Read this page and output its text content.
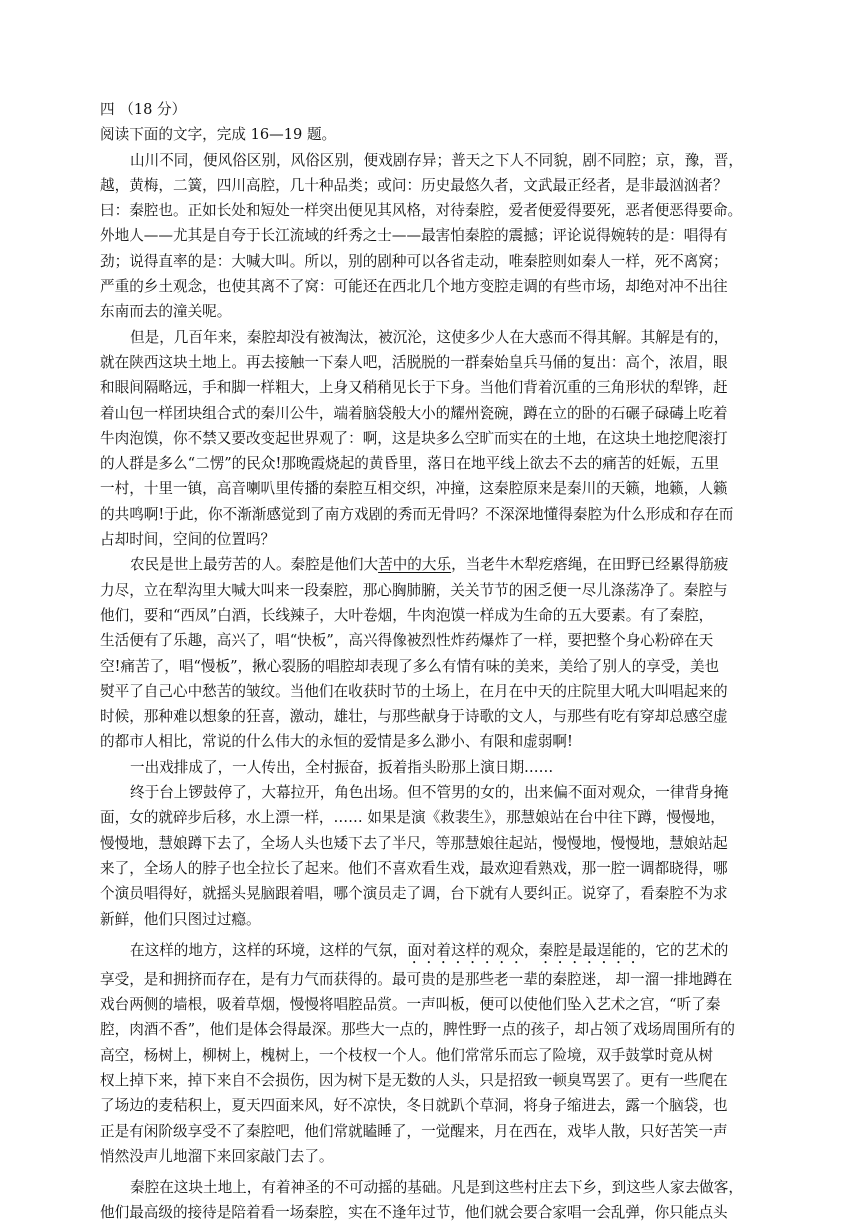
四 （18 分）
阅读下面的文字，完成 16—19 题。
山川不同，便风俗区别，风俗区别，便戏剧存异；普天之下人不同貌，剧不同腔；京，豫，晋，
越，黄梅，二簧，四川高腔，几十种品类；或问：历史最悠久者，文武最正经者，是非最汹汹者？
曰：秦腔也。正如长处和短处一样突出便见其风格，对待秦腔，爱者便爱得要死，恶者便恶得要命。
外地人——尤其是自夸于长江流域的纤秀之士——最害怕秦腔的震撼；评论说得婉转的是：唱得有
劲；说得直率的是：大喊大叫。所以，别的剧种可以各省走动，唯秦腔则如秦人一样，死不离窝；
严重的乡土观念，也使其离不了窝：可能还在西北几个地方变腔走调的有些市场，却绝对冲不出往
东南而去的潼关呢。
但是，几百年来，秦腔却没有被淘汰，被沉沦，这使多少人在大惑而不得其解。其解是有的，
就在陕西这块土地上。再去接触一下秦人吧，活脱脱的一群秦始皇兵马俑的复出：高个，浓眉，眼
和眼间隔略远，手和脚一样粗大，上身又稍稍见长于下身。当他们背着沉重的三角形状的犁铧，赶
着山包一样团块组合式的秦川公牛，端着脑袋般大小的耀州瓷碗，蹲在立的卧的石碾子碌碡上吃着
牛肉泡馍，你不禁又要改变起世界观了：啊，这是块多么空旷而实在的土地，在这块土地挖爬滚打
的人群是多么“二愣”的民众!那晚霞烧起的黄昏里，落日在地平线上欲去不去的痛苦的妊娠，五里
一村，十里一镇，高音喇叭里传播的秦腔互相交织，冲撞，这秦腔原来是秦川的天籁，地籁，人籁
的共鸣啊!于此，你不渐渐感觉到了南方戏剧的秀而无骨吗？不深深地懂得秦腔为什么形成和存在而
占却时间，空间的位置吗？
农民是世上最劳苦的人。秦腔是他们大苦中的大乐，当老牛木犁疙瘩绳，在田野已经累得筋疲
力尽，立在犁沟里大喊大叫来一段秦腔，那心胸肺腑，关关节节的困乏便一尽儿涤荡净了。秦腔与
他们，要和“西凤”白酒，长线辣子，大叶卷烟，牛肉泡馍一样成为生命的五大要素。有了秦腔，
生活便有了乐趣，高兴了，唱“快板”，高兴得像被烈性炸药爆炸了一样，要把整个身心粉碎在天
空!痛苦了，唱“慢板”，揪心裂肠的唱腔却表现了多么有情有味的美来，美给了别人的享受，美也
熨平了自己心中愁苦的皱纹。当他们在收获时节的土场上，在月在中天的庄院里大吼大叫唱起来的
时候，那种难以想象的狂喜，激动，雄壮，与那些献身于诗歌的文人，与那些有吃有穿却总感空虚
的都市人相比，常说的什么伟大的永恒的爱情是多么渺小、有限和虚弱啊!
一出戏排成了，一人传出，全村振奋，扳着指头盼那上演日期……
终于台上锣鼓停了，大幕拉开，角色出场。但不管男的女的，出来偏不面对观众，一律背身掩
面，女的就碎步后移，水上漂一样，…… 如果是演《救裴生》，那慧娘站在台中往下蹲，慢慢地，
慢慢地，慧娘蹲下去了，全场人头也矮下去了半尺，等那慧娘往起站，慢慢地，慢慢地，慧娘站起
来了，全场人的脖子也全拉长了起来。他们不喜欢看生戏，最欢迎看熟戏，那一腔一调都晓得，哪
个演员唱得好，就摇头晃脑跟着唱，哪个演员走了调，台下就有人要纠正。说穿了，看秦腔不为求
新鲜，他们只图过过瘾。
在这样的地方，这样的环境，这样的气氛，面对着这样的观众，秦腔是最逞能的，它的艺术的
享受，是和拥挤而存在，是有力气而获得的。最可贵的是那些老一辈的秦腔迷， 却一溜一排地蹲在
戏台两侧的墙根，吸着草烟，慢慢将唱腔品赏。一声叫板，便可以使他们坠入艺术之宫，“听了秦
腔，肉酒不香”，他们是体会得最深。那些大一点的，脾性野一点的孩子，却占领了戏场周围所有的
高空，杨树上，柳树上，槐树上，一个枝杈一个人。他们常常乐而忘了险境，双手鼓掌时竟从树
杈上掉下来，掉下来自不会损伤，因为树下是无数的人头，只是招致一顿臭骂罢了。更有一些爬在
了场边的麦秸积上，夏天四面来风，好不凉快，冬日就趴个草洞，将身子缩进去，露一个脑袋，也
正是有闲阶级享受不了秦腔吧，他们常就瞌睡了，一觉醒来，月在西在，戏毕人散，只好苦笑一声
悄然没声儿地溜下来回家敲门去了。
秦腔在这块土地上，有着神圣的不可动摇的基础。凡是到这些村庄去下乡，到这些人家去做客，
他们最高级的接待是陪着看一场秦腔，实在不逢年过节，他们就会要合家唱一会乱弹，你只能点头
